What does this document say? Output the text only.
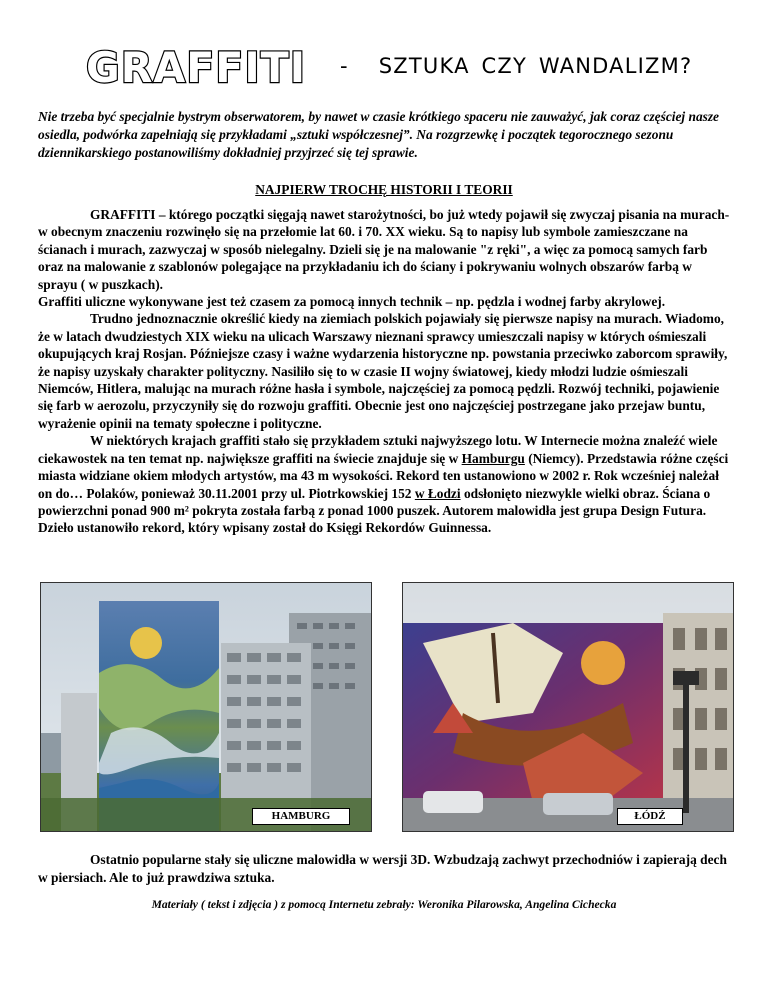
GRAFFITI - SZTUKA CZY WANDALIZM?
Nie trzeba być specjalnie bystrym obserwatorem, by nawet w czasie krótkiego spaceru nie zauważyć, jak coraz częściej nasze osiedla, podwórka zapełniają się przykładami „sztuki współczesnej”. Na rozgrzewkę i początek tegorocznego sezonu dziennikarskiego postanowiliśmy dokładniej przyjrzeć się tej sprawie.
NAJPIERW TROCHĘ HISTORII I TEORII

GRAFFITI – którego początki sięgają nawet starożytności, bo już wtedy pojawił się zwyczaj pisania na murach- w obecnym znaczeniu rozwinęło się na przełomie lat 60. i 70. XX wieku. Są to napisy lub symbole zamieszczane na ścianach i murach, zazwyczaj w sposób nielegalny. Dzieli się je na malowanie "z ręki", a więc za pomocą samych farb oraz na malowanie z szablonów polegające na przykładaniu ich do ściany i pokrywaniu wolnych obszarów farbą w sprayu ( w puszkach).

Graffiti uliczne wykonywane jest też czasem za pomocą innych technik – np. pędzla i wodnej farby akrylowej.

Trudno jednoznacznie określić kiedy na ziemiach polskich pojawiały się pierwsze napisy na murach. Wiadomo, że w latach dwudziestych XIX wieku na ulicach Warszawy nieznani sprawcy umieszczali napisy w których ośmieszali okupujących kraj Rosjan. Późniejsze czasy i ważne wydarzenia historyczne np. powstania przeciwko zaborcom sprawiły, że napisy uzyskały charakter polityczny. Nasiliło się to w czasie II wojny światowej, kiedy młodzi ludzie ośmieszali Niemców, Hitlera, malując na murach różne hasła i symbole, najczęściej za pomocą pędzli. Rozwój techniki, pojawienie się farb w aerozolu, przyczyniły się do rozwoju graffiti. Obecnie jest ono najczęściej postrzegane jako przejaw buntu, wyrażenie opinii na tematy społeczne i polityczne.

W niektórych krajach graffiti stało się przykładem sztuki najwyższego lotu. W Internecie można znaleźć wiele ciekawostek na ten temat np. największe graffiti na świecie znajduje się w Hamburgu (Niemcy). Przedstawia różne części miasta widziane okiem młodych artystów, ma 43 m wysokości. Rekord ten ustanowiono w 2002 r. Rok wcześniej należał on do… Polaków, ponieważ 30.11.2001 przy ul. Piotrkowskiej 152 w Łodzi odsłonięto niezwykle wielki obraz. Ściana o powierzchni ponad 900 m² pokryta została farbą z ponad 1000 puszek. Autorem malowidła jest grupa Design Futura. Dzieło ustanowiło rekord, który wpisany został do Księgi Rekordów Guinnessa.

HAMBURG	ŁÓDŹ

Ostatnio popularne stały się uliczne malowidła w wersji 3D. Wzbudzają zachwyt przechodniów i zapierają dech w piersiach. Ale to już prawdziwa sztuka.

Materiały ( tekst i zdjęcia ) z pomocą Internetu zebrały: Weronika Pilarowska, Angelina Cichecka
